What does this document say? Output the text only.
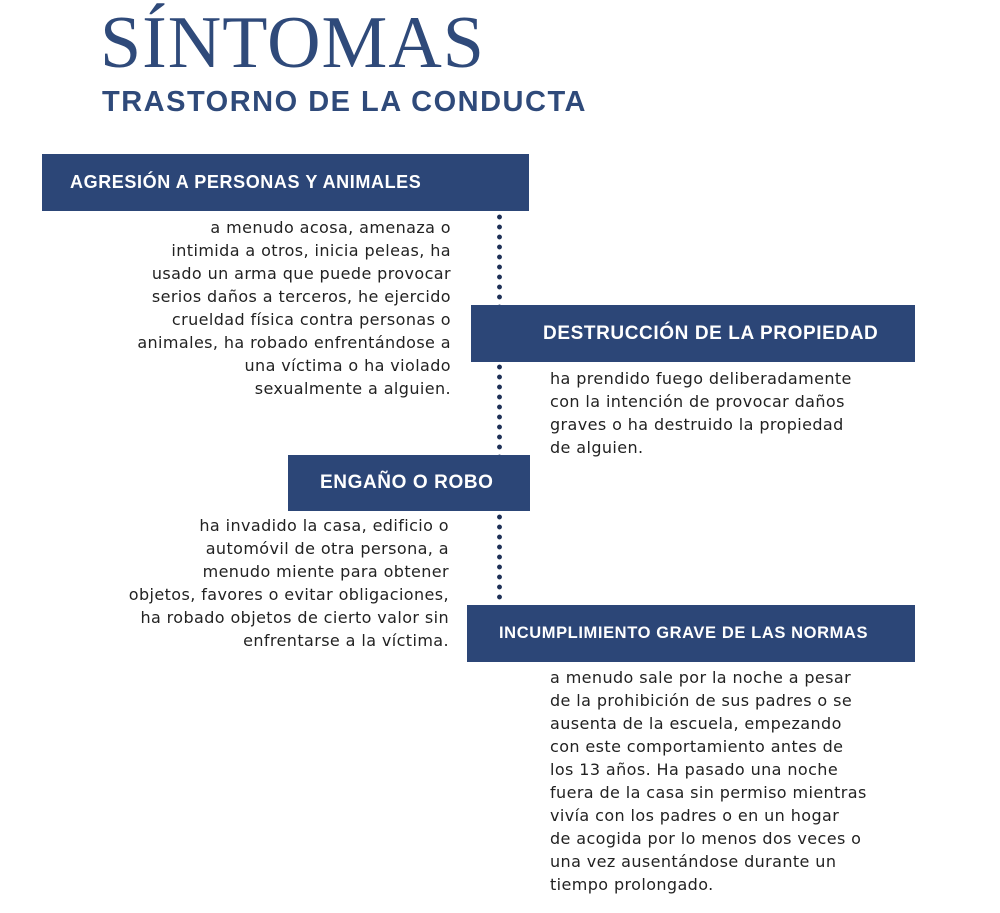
SÍNTOMAS
TRASTORNO DE LA CONDUCTA
AGRESIÓN A PERSONAS Y ANIMALES

a menudo acosa, amenaza o
intimida a otros, inicia peleas, ha
usado un arma que puede provocar
serios daños a terceros, he ejercido
crueldad física contra personas o
animales, ha robado enfrentándose a
una víctima o ha violado
sexualmente a alguien.

DESTRUCCIÓN DE LA PROPIEDAD

ha prendido fuego deliberadamente
con la intención de provocar daños
graves o ha destruido la propiedad
de alguien.

ENGAÑO O ROBO

ha invadido la casa, edificio o
automóvil de otra persona, a
menudo miente para obtener
objetos, favores o evitar obligaciones,
ha robado objetos de cierto valor sin
enfrentarse a la víctima.	INCUMPLIMIENTO GRAVE DE LAS NORMAS

a menudo sale por la noche a pesar
de la prohibición de sus padres o se
ausenta de la escuela, empezando
con este comportamiento antes de
los 13 años. Ha pasado una noche
fuera de la casa sin permiso mientras
vivía con los padres o en un hogar
de acogida por lo menos dos veces o
una vez ausentándose durante un
tiempo prolongado.
